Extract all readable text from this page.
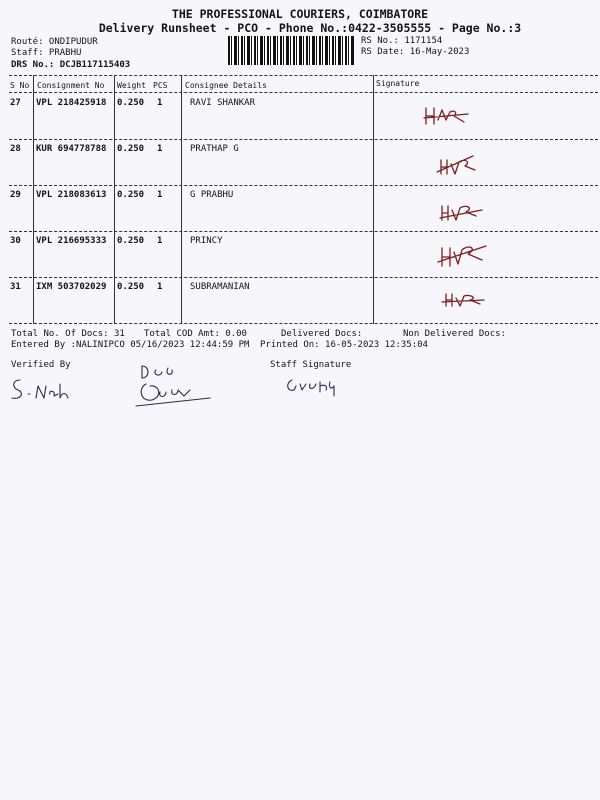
THE PROFESSIONAL COURIERS, COIMBATORE
Delivery Runsheet - PCO - Phone No.:0422-3505555 - Page No.:3
Routé: ONDIPUDUR
Staff: PRABHU
DRS No.: DCJB117115403
RS No.: 1171154
RS Date: 16-May-2023
S No Consignment No Weight PCS Consignee Details	Signature
27 VPL 218425918 0.250 1	RAVI SHANKAR
28 KUR 694778788 0.250 1	PRATHAP G
29 VPL 218083613 0.250 1	G PRABHU
30 VPL 216695333 0.250 1	PRINCY
31 IXM 503702029 0.250 1	SUBRAMANIAN
Total No. Of Docs: 31 Total COD Amt: 0.00	Delivered Docs:	Non Delivered Docs:
Entered By :NALINIPCO 05/16/2023 12:44:59 PM Printed On: 16-05-2023 12:35:04
Verified By	Staff Signature
